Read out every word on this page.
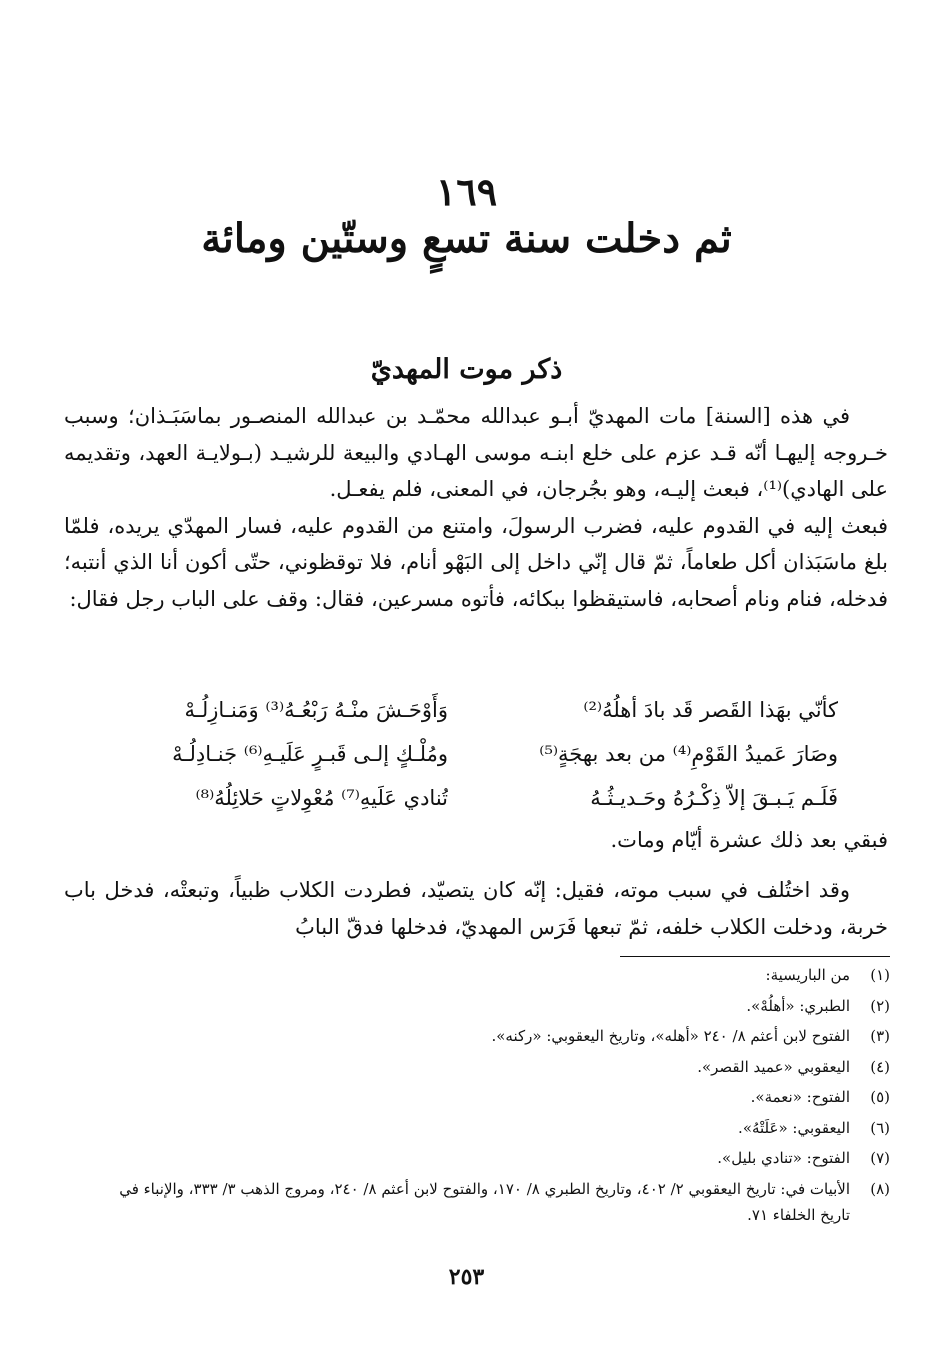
١٦٩
ثم دخلت سنة تسعٍ وستّين ومائة
ذكر موت المهديّ

في هذه [السنة] مات المهديّ أبـو عبدالله محمّـد بن عبدالله المنصـور بماسَبَـذان؛ وسبب خـروجه إليهـا أنّه قـد عزم على خلع ابنـه موسى الهـادي والبيعة للرشيـد (بـولايـة العهد، وتقديمه على الهادي)⁽¹⁾، فبعث إليـه، وهو بجُرجان، في المعنى، فلم يفعـل.

فبعث إليه في القدوم عليه، فضرب الرسولَ، وامتنع من القدوم عليه، فسار المهدّي يريده، فلمّا بلغ ماسَبَذان أكل طعاماً، ثمّ قال إنّي داخل إلى البَهْو أنام، فلا توقظوني، حتّى أكون أنا الذي أنتبه؛ فدخله، فنام ونام أصحابه، فاستيقظوا ببكائه، فأتوه مسرعين، فقال: وقف على الباب رجل فقال:

كأنّي بهَذا القَصر قَد بادَ أهلُهُ⁽²⁾
وَأَوْحَـشَ منْـهُ رَبْعُـهُ⁽³⁾ وَمَنـازِلُـهْ
وصَارَ عَميدُ القَوْمِ⁽⁴⁾ من بعد بهجَةٍ⁽⁵⁾
ومُلْـكٍ إلـى قَبـرٍ عَلَيـهِ⁽⁶⁾ جَنـادِلُـهْ
فَلَـم يَـبـقَ إلاّ ذِكْـرُهُ وحَـديـثُـهُ
تُنادي عَلَيهِ⁽⁷⁾ مُعْوِلاتٍ حَلائِلُهُ⁽⁸⁾

فبقي بعد ذلك عشرة أيّام ومات.

وقد اختُلف في سبب موته، فقيل: إنّه كان يتصيّد، فطردت الكلاب ظبياً، وتبعتْه، فدخل باب خربة، ودخلت الكلاب خلفه، ثمّ تبعها فَرَس المهديّ، فدخلها فدقّ البابُ

(١)
من الباريسية:
(٢)
الطبري: «أهلُهْ».
(٣)
الفتوح لابن أعثم ٨/ ٢٤٠ «أهله»، وتاريخ اليعقوبي: «ركنه».
(٤)
اليعقوبي «عميد القصر».
(٥)
الفتوح: «نعمة».
(٦)
اليعقوبي: «عَلَتْهُ».
(٧)
الفتوح: «تنادي بليل».
(٨)
الأبيات في: تاريخ اليعقوبي ٢/ ٤٠٢، وتاريخ الطبري ٨/ ١٧٠، والفتوح لابن أعثم ٨/ ٢٤٠، ومروج الذهب ٣/ ٣٣٣، والإنباء في تاريخ الخلفاء ٧١.
٢٥٣
